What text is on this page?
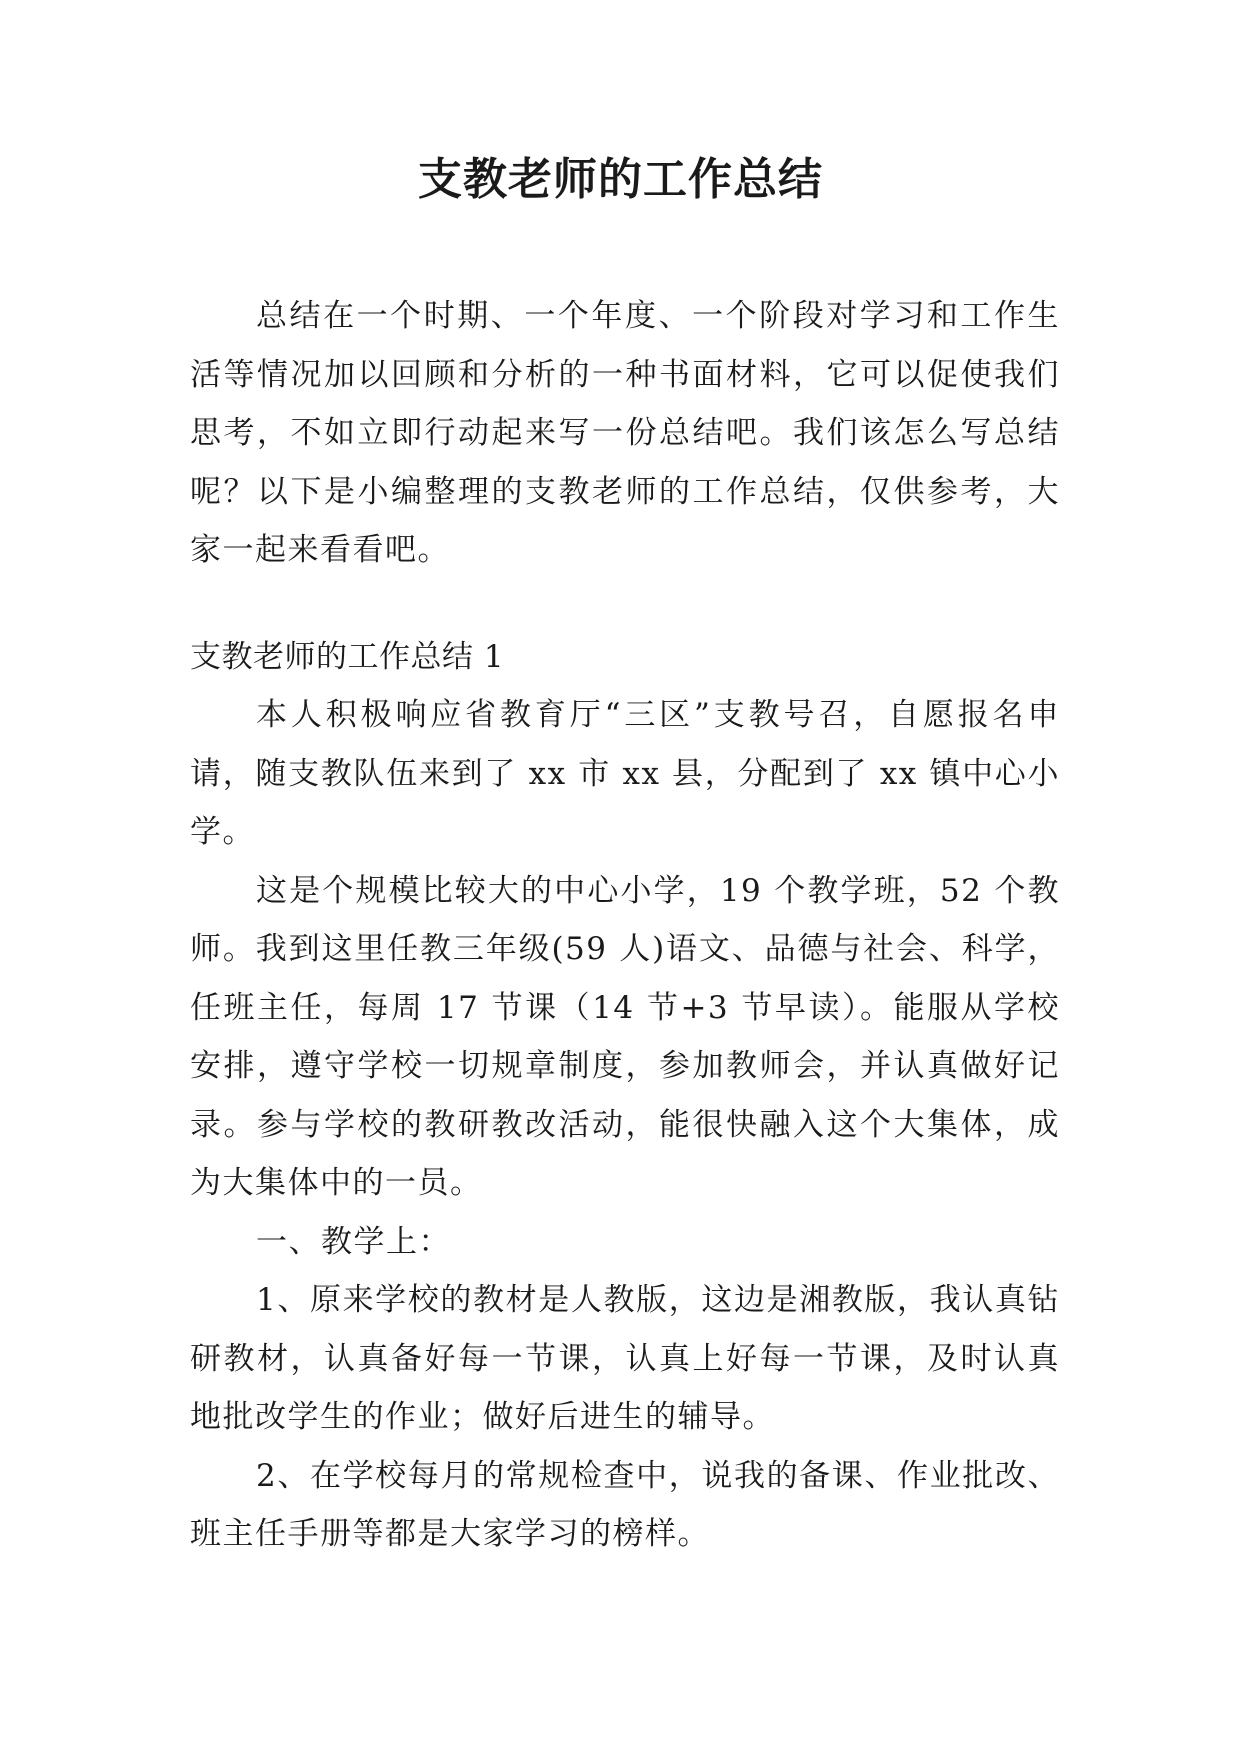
支教老师的工作总结

总结在一个时期、一个年度、一个阶段对学习和工作生活等情况加以回顾和分析的一种书面材料，它可以促使我们思考，不如立即行动起来写一份总结吧。我们该怎么写总结呢？以下是小编整理的支教老师的工作总结，仅供参考，大家一起来看看吧。

支教老师的工作总结 1

本人积极响应省教育厅“三区”支教号召，自愿报名申请，随支教队伍来到了 xx 市 xx 县，分配到了 xx 镇中心小学。

这是个规模比较大的中心小学，19 个教学班，52 个教师。我到这里任教三年级(59 人)语文、品德与社会、科学，任班主任，每周 17 节课（14 节+3 节早读）。能服从学校安排，遵守学校一切规章制度，参加教师会，并认真做好记录。参与学校的教研教改活动，能很快融入这个大集体，成为大集体中的一员。

一、教学上：

1、原来学校的教材是人教版，这边是湘教版，我认真钻研教材，认真备好每一节课，认真上好每一节课，及时认真地批改学生的作业；做好后进生的辅导。

2、在学校每月的常规检查中，说我的备课、作业批改、班主任手册等都是大家学习的榜样。
